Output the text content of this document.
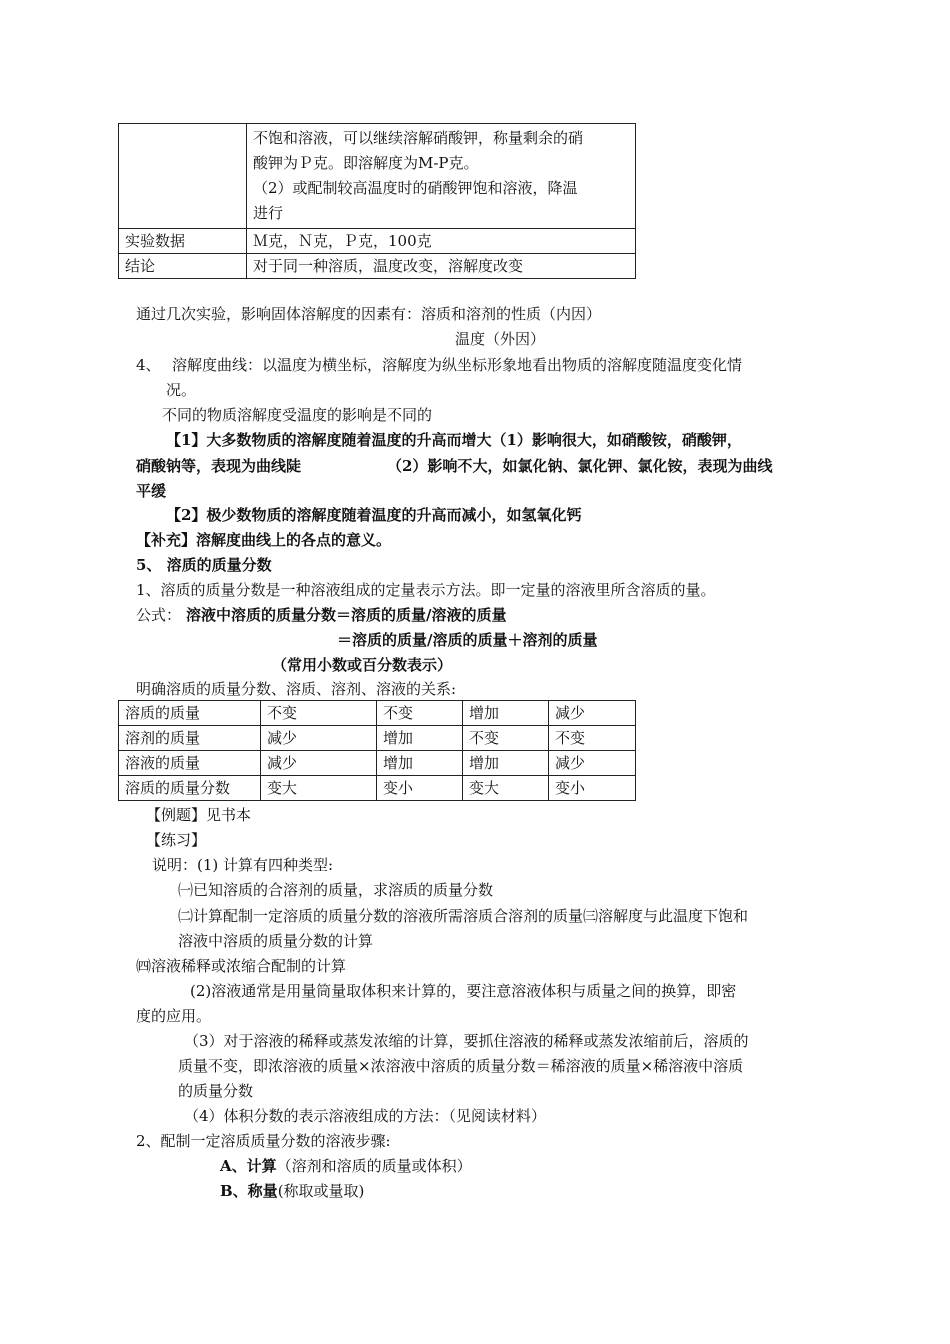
	不饱和溶液，可以继续溶解硝酸钾，称量剩余的硝
酸钾为Ｐ克。即溶解度为M-P克。
（2）或配制较高温度时的硝酸钾饱和溶液，降温
进行

实验数据	Ｍ克，Ｎ克，Ｐ克，100克
结论	对于同一种溶质，温度改变，溶解度改变
通过几次实验，影响固体溶解度的因素有：溶质和溶剂的性质（内因）
温度（外因）
4、 溶解度曲线：以温度为横坐标，溶解度为纵坐标形象地看出物质的溶解度随温度变化情
况。
不同的物质溶解度受温度的影响是不同的
【1】大多数物质的溶解度随着温度的升高而增大（1）影响很大，如硝酸铵，硝酸钾，
硝酸钠等，表现为曲线陡	（2）影响不大，如氯化钠、氯化钾、氯化铵，表现为曲线
平缓
【2】极少数物质的溶解度随着温度的升高而减小，如氢氧化钙
【补充】溶解度曲线上的各点的意义。
5、 溶质的质量分数
1、溶质的质量分数是一种溶液组成的定量表示方法。即一定量的溶液里所含溶质的量。
公式： 溶液中溶质的质量分数＝溶质的质量/溶液的质量
＝溶质的质量/溶质的质量＋溶剂的质量
（常用小数或百分数表示）
明确溶质的质量分数、溶质、溶剂、溶液的关系:
溶质的质量	不变	不变	增加	减少
溶剂的质量	减少	增加	不变	不变
溶液的质量	减少	增加	增加	减少
溶质的质量分数	变大	变小	变大	变小
【例题】见书本
【练习】
说明：(1) 计算有四种类型:
㈠已知溶质的合溶剂的质量，求溶质的质量分数
㈡计算配制一定溶质的质量分数的溶液所需溶质合溶剂的质量㈢溶解度与此温度下饱和
溶液中溶质的质量分数的计算
㈣溶液稀释或浓缩合配制的计算
(2)溶液通常是用量筒量取体积来计算的，要注意溶液体积与质量之间的换算，即密
度的应用。
（3）对于溶液的稀释或蒸发浓缩的计算，要抓住溶液的稀释或蒸发浓缩前后，溶质的
质量不变，即浓溶液的质量×浓溶液中溶质的质量分数＝稀溶液的质量×稀溶液中溶质
的质量分数
（4）体积分数的表示溶液组成的方法：（见阅读材料）
2、配制一定溶质质量分数的溶液步骤:
A、计算（溶剂和溶质的质量或体积）
B、称量(称取或量取)
